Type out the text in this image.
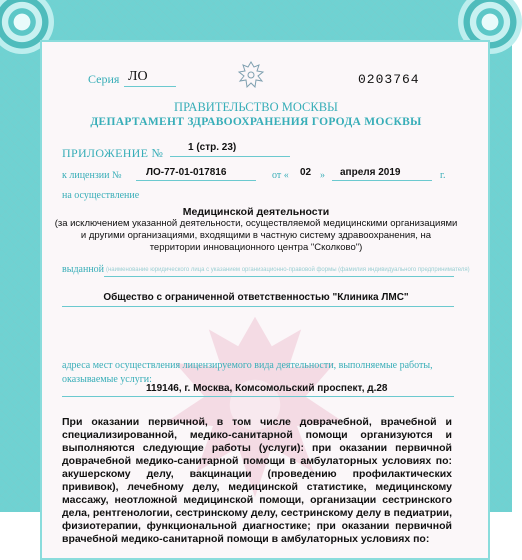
Серия ЛО	0203764
ПРАВИТЕЛЬСТВО МОСКВЫ
ДЕПАРТАМЕНТ ЗДРАВООХРАНЕНИЯ ГОРОДА МОСКВЫ
ПРИЛОЖЕНИЕ № 1 (стр. 23)
к лицензии № ЛО-77-01-017816	от « 02 » апреля 2019	г.
на осуществление
Медицинской деятельности
(за исключением указанной деятельности, осуществляемой медицинскими организациями
и другими организациями, входящими в частную систему здравоохранения, на
территории инновационного центра "Сколково")
выданной (наименование юридического лица с указанием организационно-правовой формы (фамилия индивидуального предпринимателя)
Общество с ограниченной ответственностью "Клиника ЛМС"
адреса мест осуществления лицензируемого вида деятельности, выполняемые работы,
оказываемые услуги:
119146, г. Москва, Комсомольский проспект, д.28
При оказании первичной, в том числе доврачебной, врачебной и специализированной, медико-санитарной помощи организуются и выполняются следующие работы (услуги): при оказании первичной доврачебной медико-санитарной помощи в амбулаторных условиях по: акушерскому делу, вакцинации (проведению профилактических прививок), лечебному делу, медицинской статистике, медицинскому массажу, неотложной медицинской помощи, организации сестринского дела, рентгенологии, сестринскому делу, сестринскому делу в педиатрии, физиотерапии, функциональной диагностике; при оказании первичной врачебной медико-санитарной помощи в амбулаторных условиях по:
